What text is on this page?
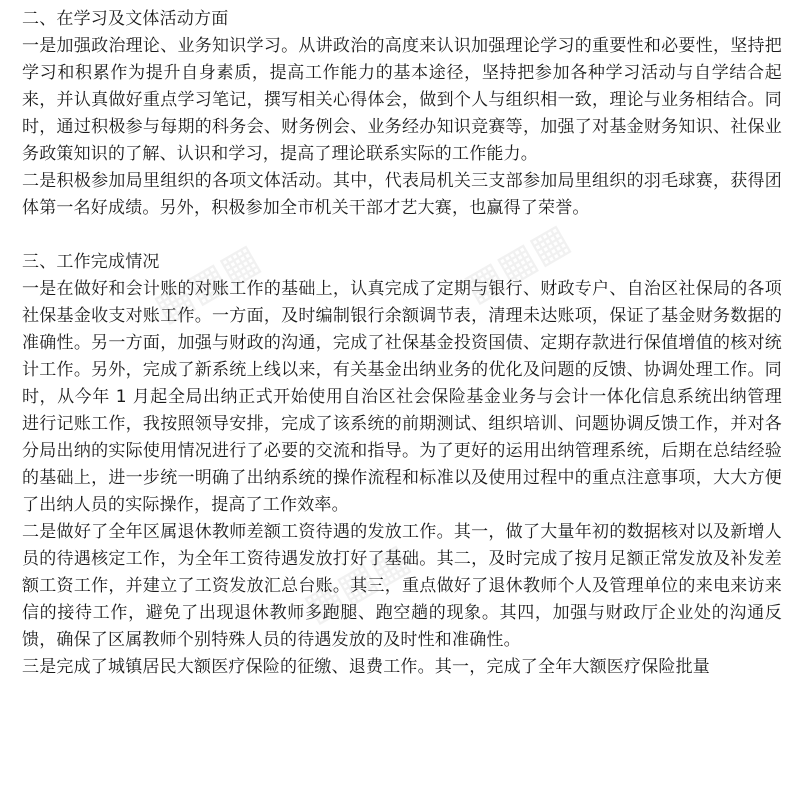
▦▦▦	▦▦▦
▦▦▦
二、在学习及文体活动方面

一是加强政治理论、业务知识学习。从讲政治的高度来认识加强理论学习的重要性和必要性，坚持把学习和积累作为提升自身素质，提高工作能力的基本途径，坚持把参加各种学习活动与自学结合起来，并认真做好重点学习笔记，撰写相关心得体会，做到个人与组织相一致，理论与业务相结合。同时，通过积极参与每期的科务会、财务例会、业务经办知识竞赛等，加强了对基金财务知识、社保业务政策知识的了解、认识和学习，提高了理论联系实际的工作能力。

二是积极参加局里组织的各项文体活动。其中，代表局机关三支部参加局里组织的羽毛球赛，获得团体第一名好成绩。另外，积极参加全市机关干部才艺大赛，也赢得了荣誉。

三、工作完成情况

一是在做好和会计账的对账工作的基础上，认真完成了定期与银行、财政专户、自治区社保局的各项社保基金收支对账工作。一方面，及时编制银行余额调节表，清理未达账项，保证了基金财务数据的准确性。另一方面，加强与财政的沟通，完成了社保基金投资国债、定期存款进行保值增值的核对统计工作。另外，完成了新系统上线以来，有关基金出纳业务的优化及问题的反馈、协调处理工作。同时，从今年 1 月起全局出纳正式开始使用自治区社会保险基金业务与会计一体化信息系统出纳管理进行记账工作，我按照领导安排，完成了该系统的前期测试、组织培训、问题协调反馈工作，并对各分局出纳的实际使用情况进行了必要的交流和指导。为了更好的运用出纳管理系统，后期在总结经验的基础上，进一步统一明确了出纳系统的操作流程和标准以及使用过程中的重点注意事项，大大方便了出纳人员的实际操作，提高了工作效率。

二是做好了全年区属退休教师差额工资待遇的发放工作。其一，做了大量年初的数据核对以及新增人员的待遇核定工作，为全年工资待遇发放打好了基础。其二，及时完成了按月足额正常发放及补发差额工资工作，并建立了工资发放汇总台账。其三，重点做好了退休教师个人及管理单位的来电来访来信的接待工作，避免了出现退休教师多跑腿、跑空趟的现象。其四，加强与财政厅企业处的沟通反馈，确保了区属教师个别特殊人员的待遇发放的及时性和准确性。

三是完成了城镇居民大额医疗保险的征缴、退费工作。其一，完成了全年大额医疗保险批量
